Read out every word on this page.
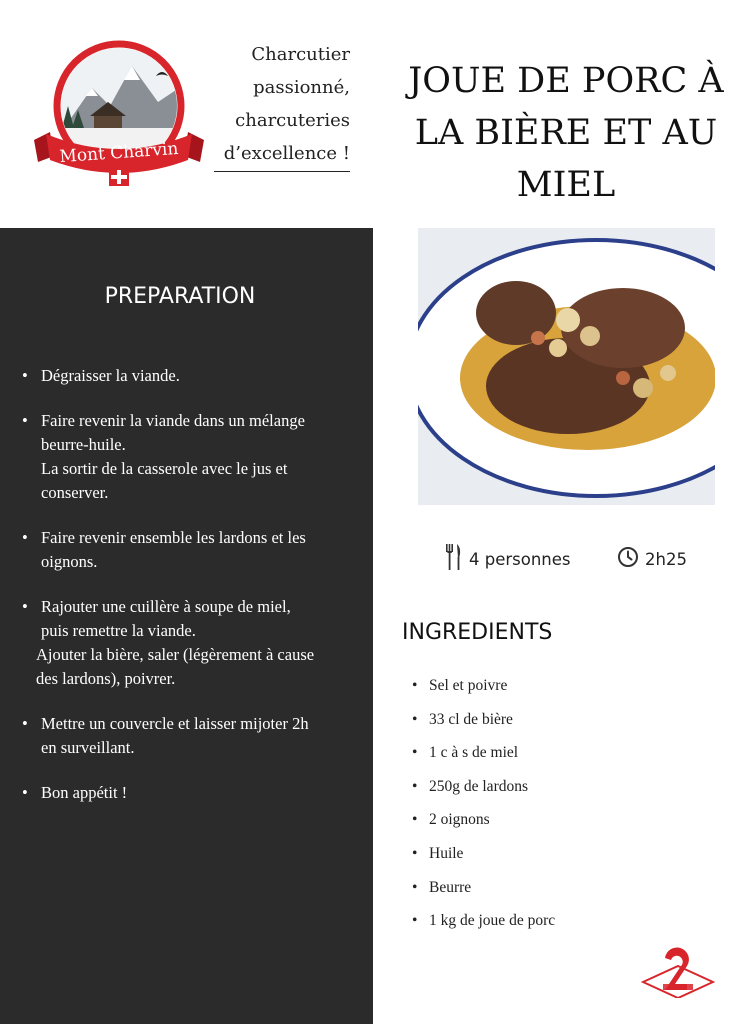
Mont Charvin
Charcutier
passionné,
charcuteries
d’excellence !
JOUE DE PORC À
LA BIÈRE ET AU
MIEL
PREPARATION
• Dégraisser la viande.
• Faire revenir la viande dans un mélange
beurre-huile.
La sortir de la casserole avec le jus et
conserver.
• Faire revenir ensemble les lardons et les
oignons.
• Rajouter une cuillère à soupe de miel,
puis remettre la viande.
Ajouter la bière, saler (légèrement à cause
des lardons), poivrer.
• Mettre un couvercle et laisser mijoter 2h
en surveillant.
• Bon appétit !
4 personnes	2h25
INGREDIENTS
• Sel et poivre
• 33 cl de bière
• 1 c à s de miel
• 250g de lardons
• 2 oignons
• Huile
• Beurre
• 1 kg de joue de porc
